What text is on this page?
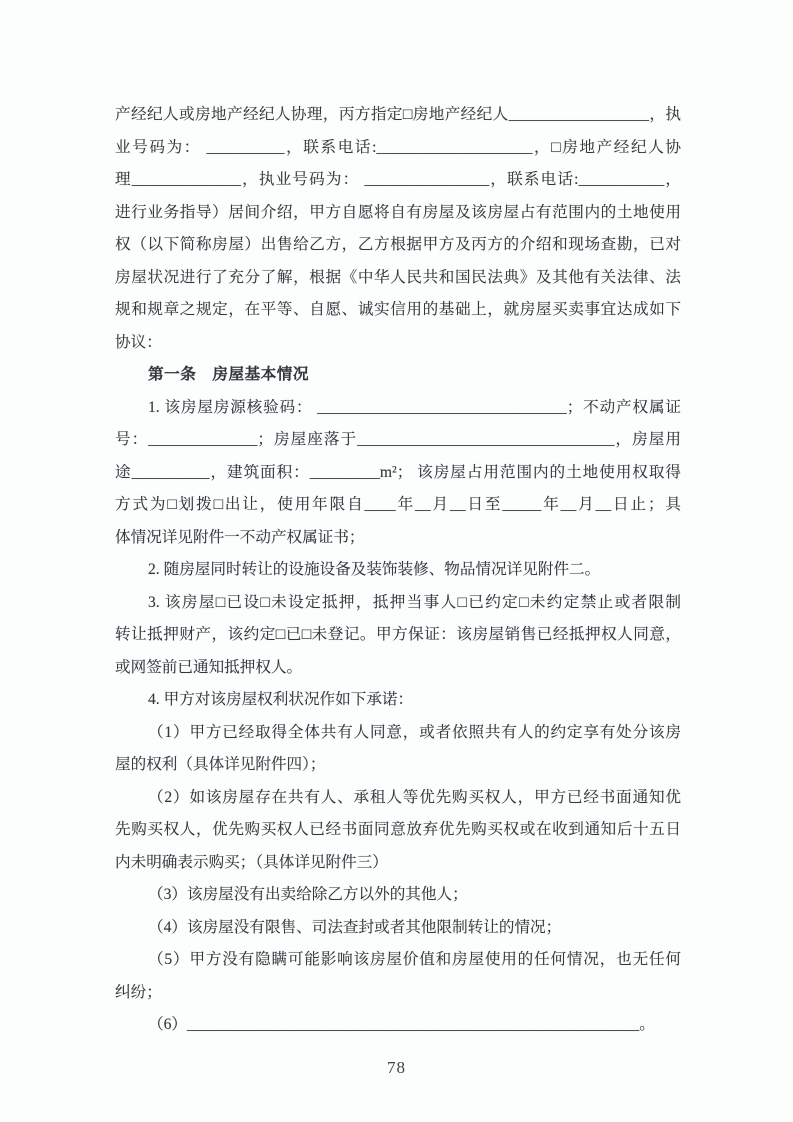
产经纪人或房地产经纪人协理，丙方指定□房地产经纪人__________________，执
业号码为： __________，联系电话:____________________，□房地产经纪人协
理______________，执业号码为： ________________，联系电话:___________，
进行业务指导）居间介绍，甲方自愿将自有房屋及该房屋占有范围内的土地使用
权（以下简称房屋）出售给乙方，乙方根据甲方及丙方的介绍和现场查勘，已对
房屋状况进行了充分了解，根据《中华人民共和国民法典》及其他有关法律、法
规和规章之规定，在平等、自愿、诚实信用的基础上，就房屋买卖事宜达成如下
协议：
第一条　房屋基本情况
1. 该房屋房源核验码： ________________________________；不动产权属证
号：______________；房屋座落于_________________________________，房屋用
途__________，建筑面积：_________m²； 该房屋占用范围内的土地使用权取得
方式为□划拨□出让，使用年限自____年__月__日至_____年__月__日止；具
体情况详见附件一不动产权属证书；
2. 随房屋同时转让的设施设备及装饰装修、物品情况详见附件二。
3. 该房屋□已设□未设定抵押，抵押当事人□已约定□未约定禁止或者限制
转让抵押财产，该约定□已□未登记。甲方保证：该房屋销售已经抵押权人同意，
或网签前已通知抵押权人。
4. 甲方对该房屋权利状况作如下承诺：
（1）甲方已经取得全体共有人同意，或者依照共有人的约定享有处分该房
屋的权利（具体详见附件四）；
（2）如该房屋存在共有人、承租人等优先购买权人，甲方已经书面通知优
先购买权人，优先购买权人已经书面同意放弃优先购买权或在收到通知后十五日
内未明确表示购买；（具体详见附件三）
（3）该房屋没有出卖给除乙方以外的其他人；
（4）该房屋没有限售、司法查封或者其他限制转让的情况；
（5）甲方没有隐瞒可能影响该房屋价值和房屋使用的任何情况，也无任何
纠纷；
（6）__________________________________________________________。
78
